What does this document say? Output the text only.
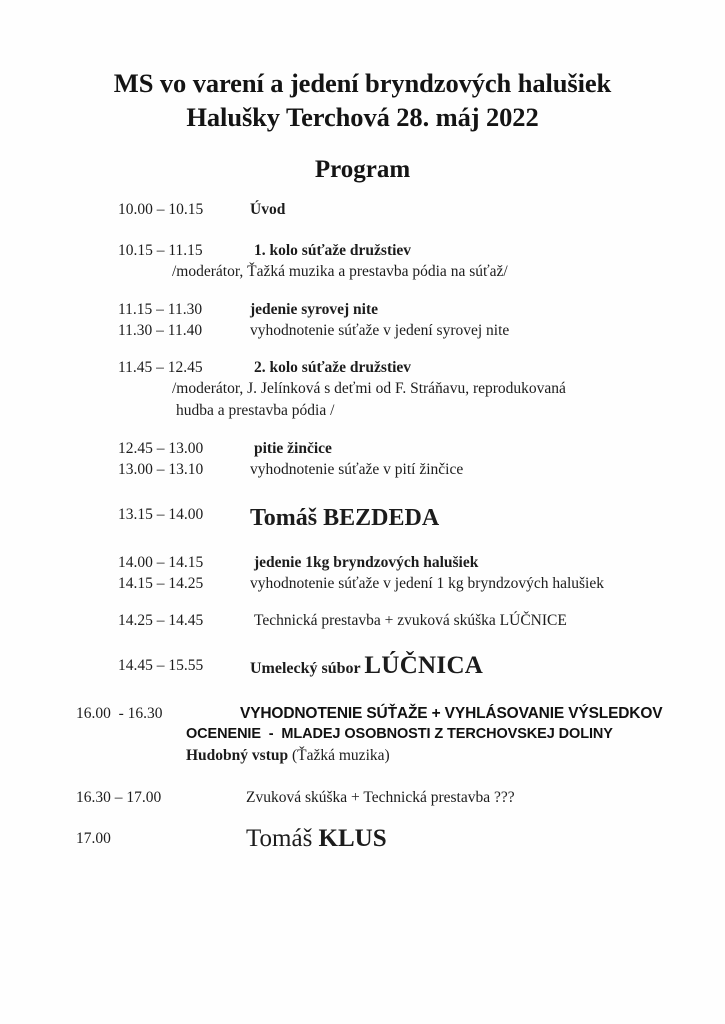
MS vo varení a jedení bryndzových halušiek
Halušky Terchová 28. máj 2022
Program
10.00 – 10.15	Úvod
10.15 – 11.15	1. kolo súťaže družstiev
/moderátor, Ťažká muzika a prestavba pódia na súťaž/
11.15 – 11.30	jedenie syrovej nite
11.30 – 11.40	vyhodnotenie súťaže v jedení syrovej nite
11.45 – 12.45	2. kolo súťaže družstiev
/moderátor, J. Jelínková s deťmi od F. Stráňavu, reprodukovaná
hudba a prestavba pódia /
12.45 – 13.00	pitie žinčice
13.00 – 13.10	vyhodnotenie súťaže v pití žinčice
13.15 – 14.00	Tomáš BEZDEDA
14.00 – 14.15	jedenie 1kg bryndzových halušiek
14.15 – 14.25	vyhodnotenie súťaže v jedení 1 kg bryndzových halušiek
14.25 – 14.45	Technická prestavba + zvuková skúška LÚČNICE
14.45 – 15.55	Umelecký súbor LÚČNICA
16.00  - 16.30	VYHODNOTENIE SÚŤAŽE + VYHLÁSOVANIE VÝSLEDKOV
OCENENIE  -  MLADEJ OSOBNOSTI Z TERCHOVSKEJ DOLINY
Hudobný vstup (Ťažká muzika)
16.30 – 17.00	Zvuková skúška + Technická prestavba ???
17.00	Tomáš KLUS
